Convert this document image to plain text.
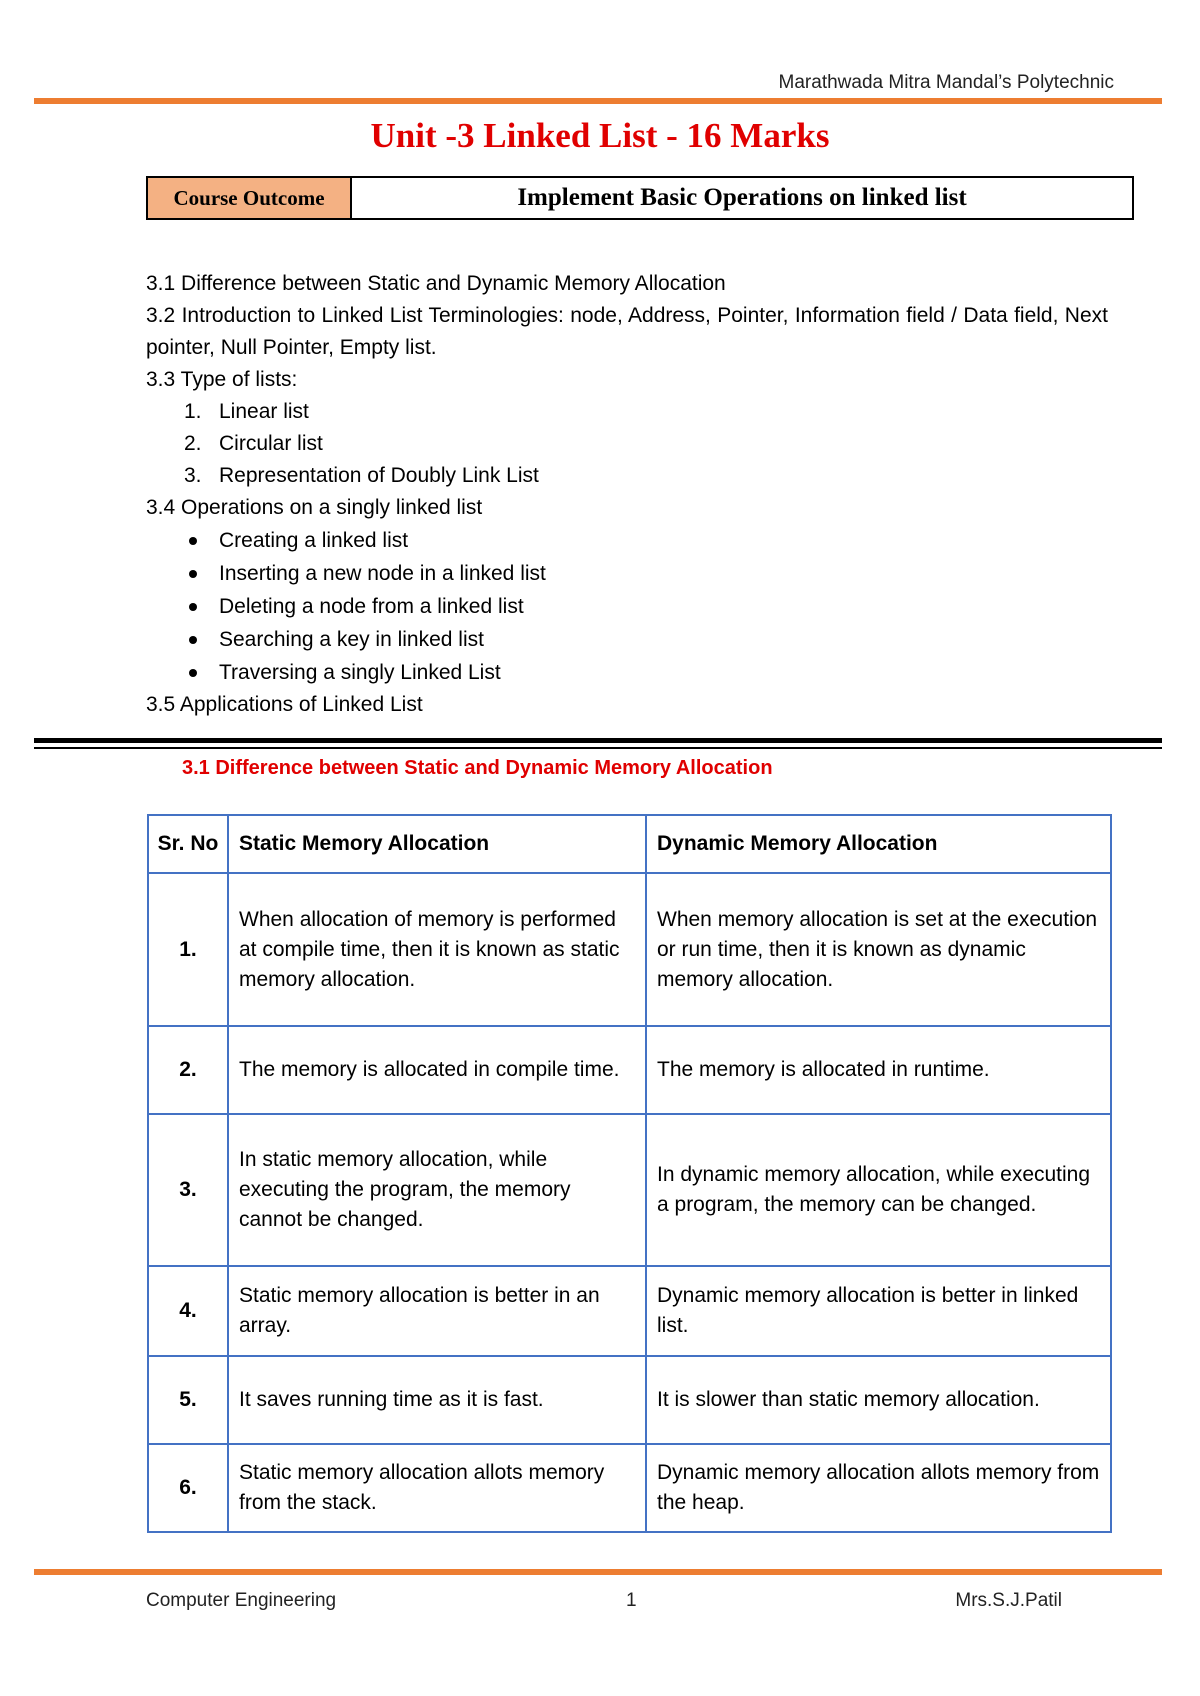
Marathwada Mitra Mandal’s Polytechnic
Unit -3 Linked List - 16 Marks
Course Outcome	Implement Basic Operations on linked list

3.1 Difference between Static and Dynamic Memory Allocation

3.2 Introduction to Linked List Terminologies: node, Address, Pointer, Information field / Data field, Next pointer, Null Pointer, Empty list.

3.3 Type of lists:

1. Linear list
2. Circular list
3. Representation of Doubly Link List

3.4 Operations on a singly linked list

Creating a linked list
Inserting a new node in a linked list
Deleting a node from a linked list
Searching a key in linked list
Traversing a singly Linked List

3.5 Applications of Linked List

3.1 Difference between Static and Dynamic Memory Allocation
Sr. No	Static Memory Allocation	Dynamic Memory Allocation
1.	When allocation of memory is performed at compile time, then it is known as static memory allocation.	When memory allocation is set at the execution or run time, then it is known as dynamic memory allocation.
2.	The memory is allocated in compile time.	The memory is allocated in runtime.
3.	In static memory allocation, while executing the program, the memory cannot be changed.	In dynamic memory allocation, while executing a program, the memory can be changed.
4.	Static memory allocation is better in an array.	Dynamic memory allocation is better in linked list.
5.	It saves running time as it is fast.	It is slower than static memory allocation.
6.	Static memory allocation allots memory from the stack.	Dynamic memory allocation allots memory from the heap.
Computer Engineering	1	Mrs.S.J.Patil
